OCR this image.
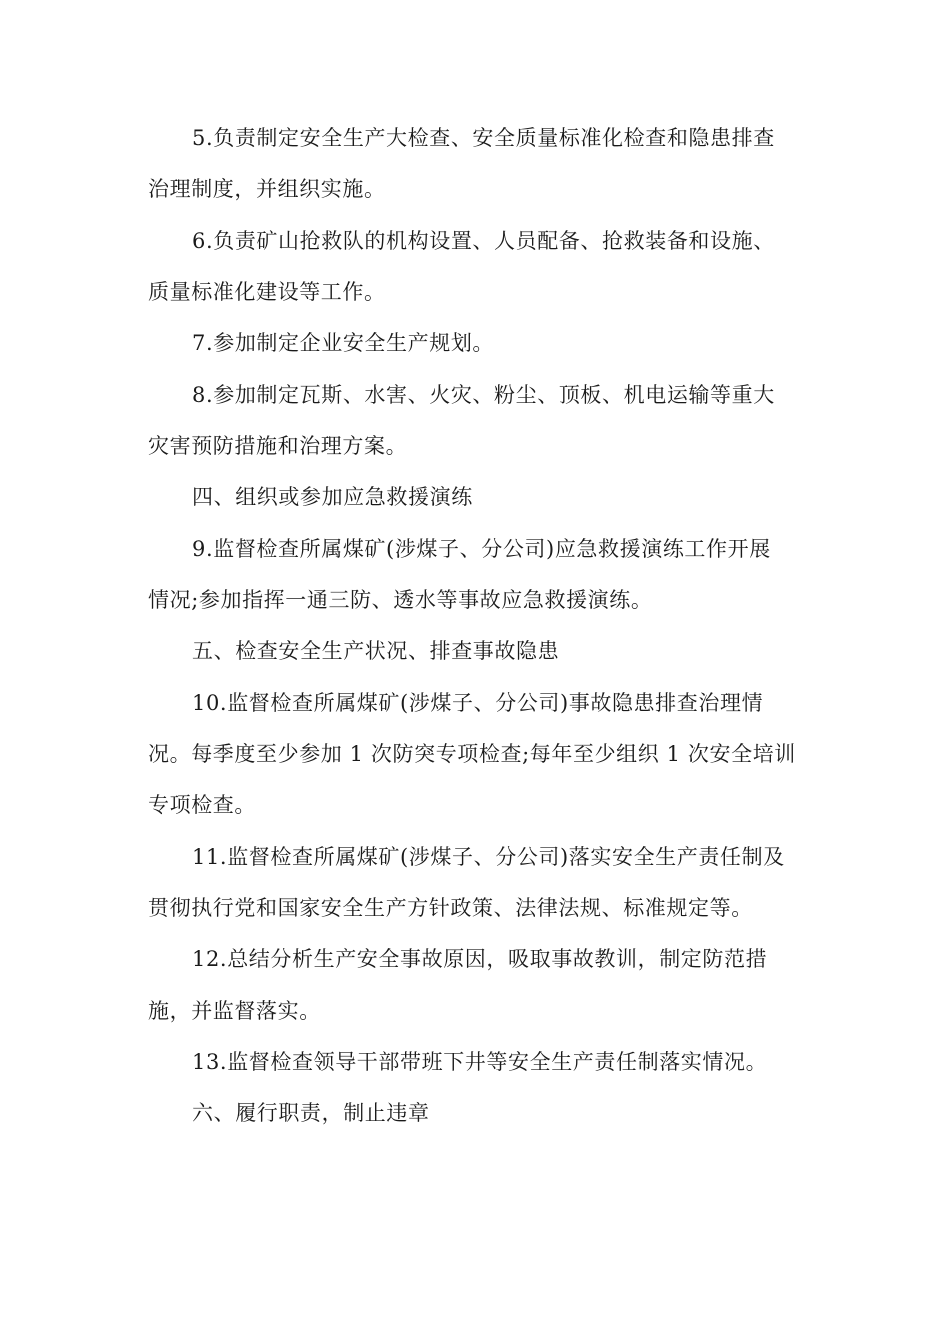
5.负责制定安全生产大检查、安全质量标准化检查和隐患排查
治理制度，并组织实施。
6.负责矿山抢救队的机构设置、人员配备、抢救装备和设施、
质量标准化建设等工作。
7.参加制定企业安全生产规划。
8.参加制定瓦斯、水害、火灾、粉尘、顶板、机电运输等重大
灾害预防措施和治理方案。
四、组织或参加应急救援演练
9.监督检查所属煤矿(涉煤子、分公司)应急救援演练工作开展
情况;参加指挥一通三防、透水等事故应急救援演练。
五、检查安全生产状况、排查事故隐患
10.监督检查所属煤矿(涉煤子、分公司)事故隐患排查治理情
况。每季度至少参加 1 次防突专项检查;每年至少组织 1 次安全培训
专项检查。
11.监督检查所属煤矿(涉煤子、分公司)落实安全生产责任制及
贯彻执行党和国家安全生产方针政策、法律法规、标准规定等。
12.总结分析生产安全事故原因，吸取事故教训，制定防范措
施，并监督落实。
13.监督检查领导干部带班下井等安全生产责任制落实情况。
六、履行职责，制止违章
